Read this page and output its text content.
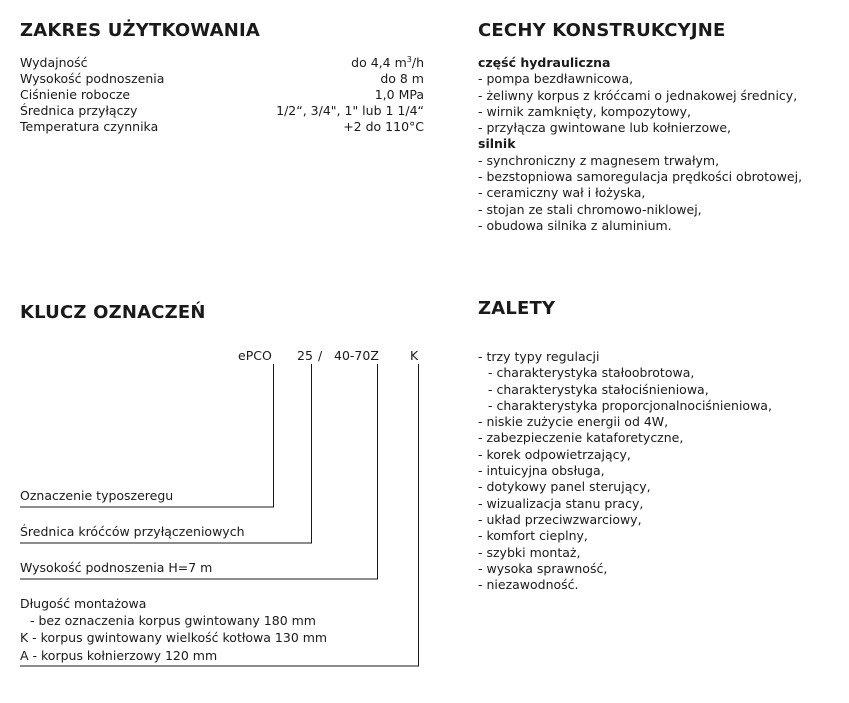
ZAKRES UŻYTKOWANIA
Wydajność	do 4,4 $m^3/h$
Wysokość podnoszenia	do 8 m
Ciśnienie robocze	1,0 MPa
Średnica przyłączy	1/2“, 3/4", 1" lub 1 1/4“
Temperatura czynnika	+2 do 110°C
CECHY KONSTRUKCYJNE
część hydrauliczna
- pompa bezdławnicowa,
- żeliwny korpus z króćcami o jednakowej średnicy,
- wirnik zamknięty, kompozytowy,
- przyłącza gwintowane lub kołnierzowe,
silnik
- synchroniczny z magnesem trwałym,
- bezstopniowa samoregulacja prędkości obrotowej,
- ceramiczny wał i łożyska,
- stojan ze stali chromowo-niklowej,
- obudowa silnika z aluminium.
KLUCZ OZNACZEŃ
ePCO 25 / 40-70Z K
Oznaczenie typoszeregu
Średnica króćców przyłączeniowych
Wysokość podnoszenia H=7 m
Długość montażowa
- bez oznaczenia korpus gwintowany 180 mm
K - korpus gwintowany wielkość kotłowa 130 mm
A - korpus kołnierzowy 120 mm
ZALETY
- trzy typy regulacji
- charakterystyka stałoobrotowa,
- charakterystyka stałociśnieniowa,
- charakterystyka proporcjonalnociśnieniowa,
- niskie zużycie energii od 4W,
- zabezpieczenie kataforetyczne,
- korek odpowietrzający,
- intuicyjna obsługa,
- dotykowy panel sterujący,
- wizualizacja stanu pracy,
- układ przeciwzwarciowy,
- komfort cieplny,
- szybki montaż,
- wysoka sprawność,
- niezawodność.
